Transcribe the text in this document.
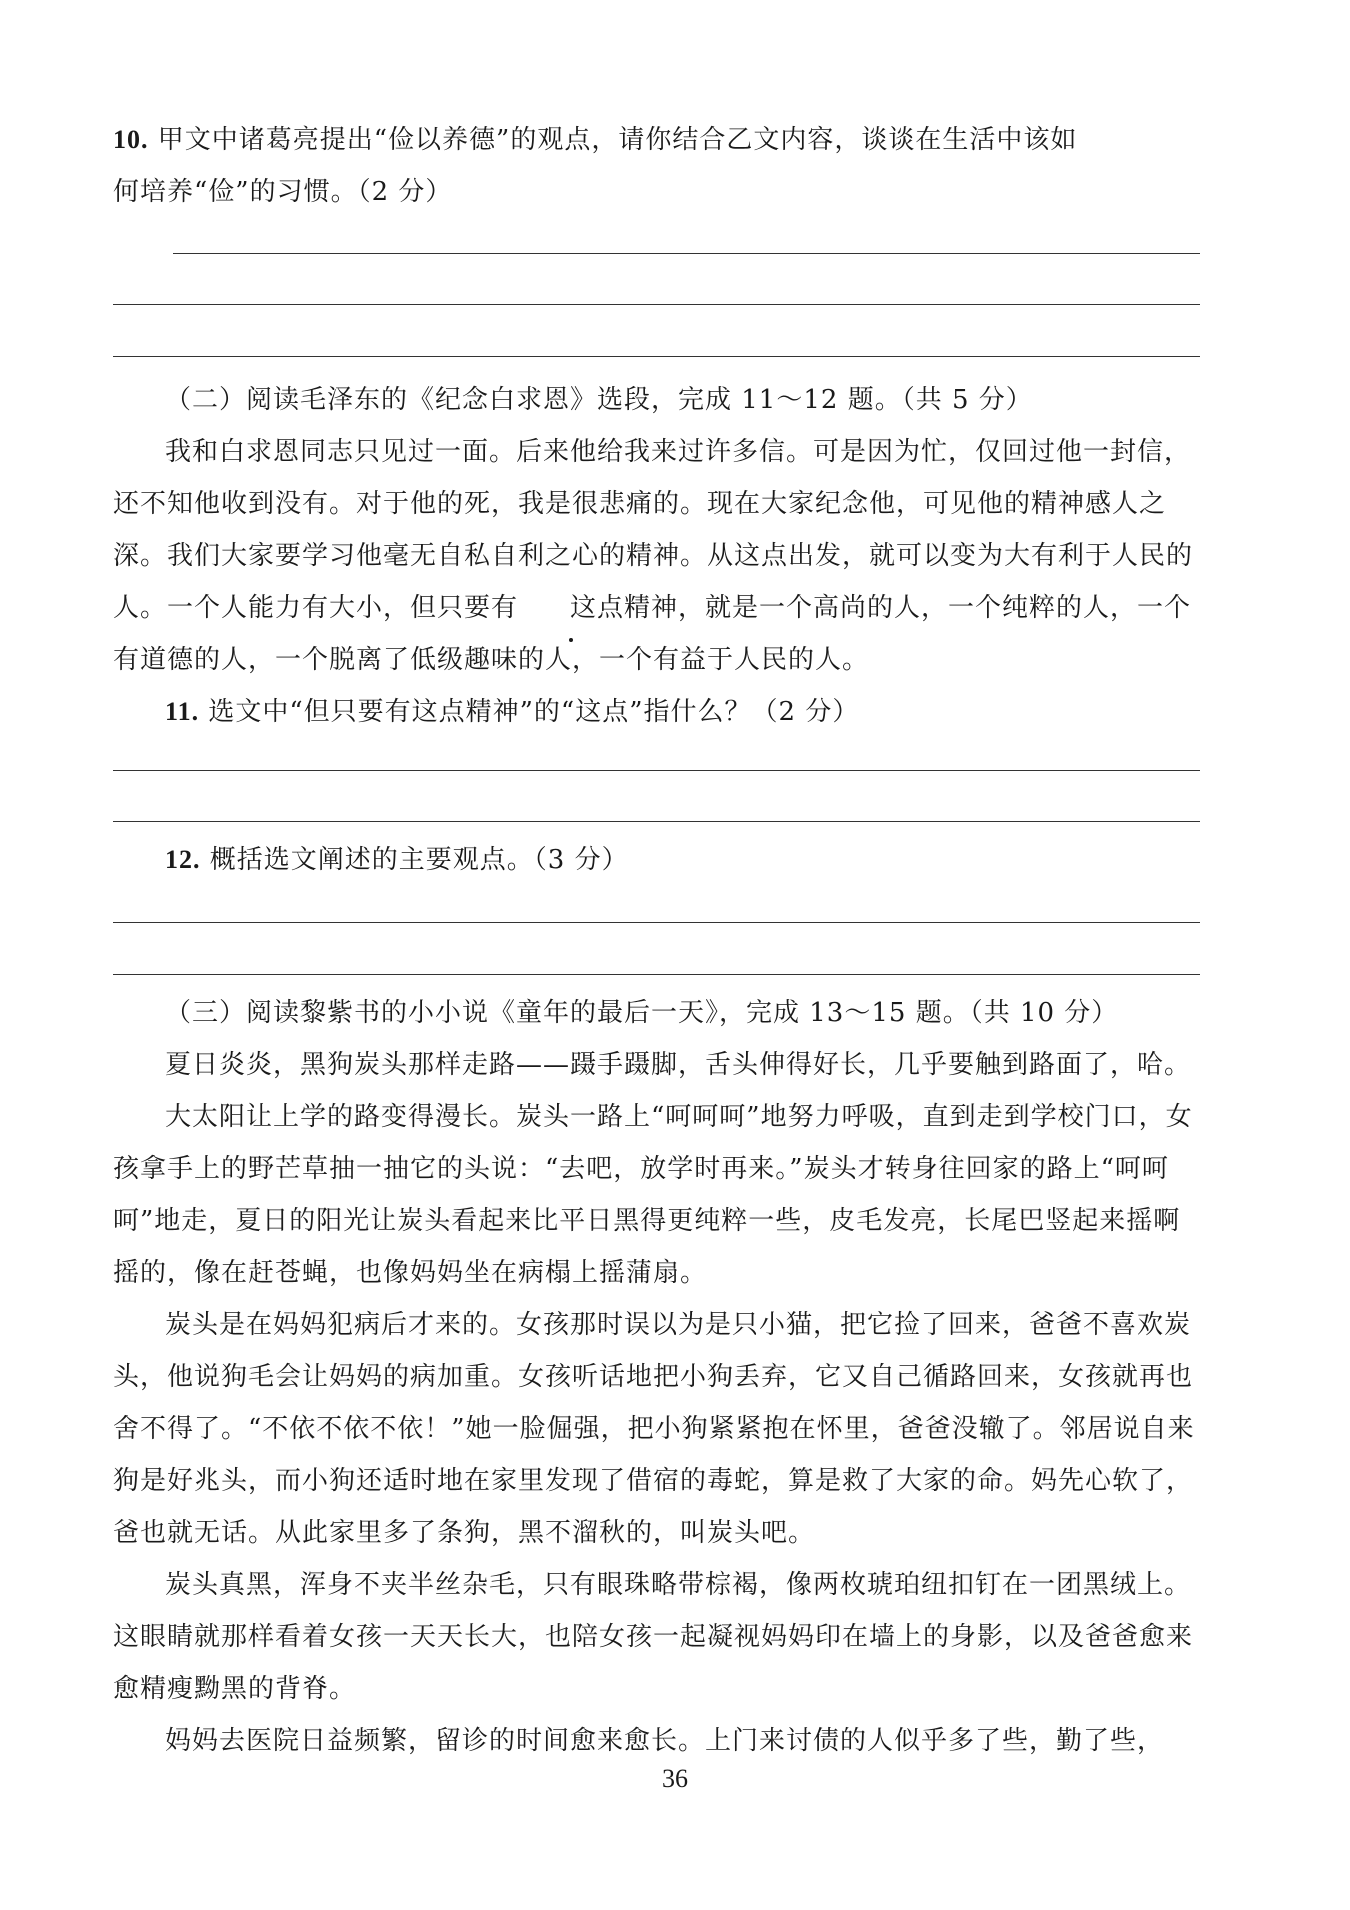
10. 甲文中诸葛亮提出“俭以养德”的观点，请你结合乙文内容，谈谈在生活中该如
何培养“俭”的习惯。（2 分）

（二）阅读毛泽东的《纪念白求恩》选段，完成 11～12 题。（共 5 分）

我和白求恩同志只见过一面。后来他给我来过许多信。可是因为忙，仅回过他一封信，还不知他收到没有。对于他的死，我是很悲痛的。现在大家纪念他，可见他的精神感人之深。我们大家要学习他毫无自私自利之心的精神。从这点出发，就可以变为大有利于人民的人。一个人能力有大小，但只要有 这点精神，就是一个高尚的人，一个纯粹的人，一个有道德的人，一个脱离了低级趣味的人，一个有益于人民的人。

11. 选文中“但只要有这点精神”的“这点”指什么？（2 分）

12. 概括选文阐述的主要观点。（3 分）

（三）阅读黎紫书的小小说《童年的最后一天》，完成 13～15 题。（共 10 分）

夏日炎炎，黑狗炭头那样走路——蹑手蹑脚，舌头伸得好长，几乎要触到路面了，哈。

大太阳让上学的路变得漫长。炭头一路上“呵呵呵”地努力呼吸，直到走到学校门口，女孩拿手上的野芒草抽一抽它的头说：“去吧，放学时再来。”炭头才转身往回家的路上“呵呵呵”地走，夏日的阳光让炭头看起来比平日黑得更纯粹一些，皮毛发亮，长尾巴竖起来摇啊摇的，像在赶苍蝇，也像妈妈坐在病榻上摇蒲扇。

炭头是在妈妈犯病后才来的。女孩那时误以为是只小猫，把它捡了回来，爸爸不喜欢炭头，他说狗毛会让妈妈的病加重。女孩听话地把小狗丢弃，它又自己循路回来，女孩就再也舍不得了。“不依不依不依！”她一脸倔强，把小狗紧紧抱在怀里，爸爸没辙了。邻居说自来狗是好兆头，而小狗还适时地在家里发现了借宿的毒蛇，算是救了大家的命。妈先心软了，爸也就无话。从此家里多了条狗，黑不溜秋的，叫炭头吧。

炭头真黑，浑身不夹半丝杂毛，只有眼珠略带棕褐，像两枚琥珀纽扣钉在一团黑绒上。这眼睛就那样看着女孩一天天长大，也陪女孩一起凝视妈妈印在墙上的身影，以及爸爸愈来愈精瘦黝黑的背脊。

妈妈去医院日益频繁，留诊的时间愈来愈长。上门来讨债的人似乎多了些，勤了些，

36
